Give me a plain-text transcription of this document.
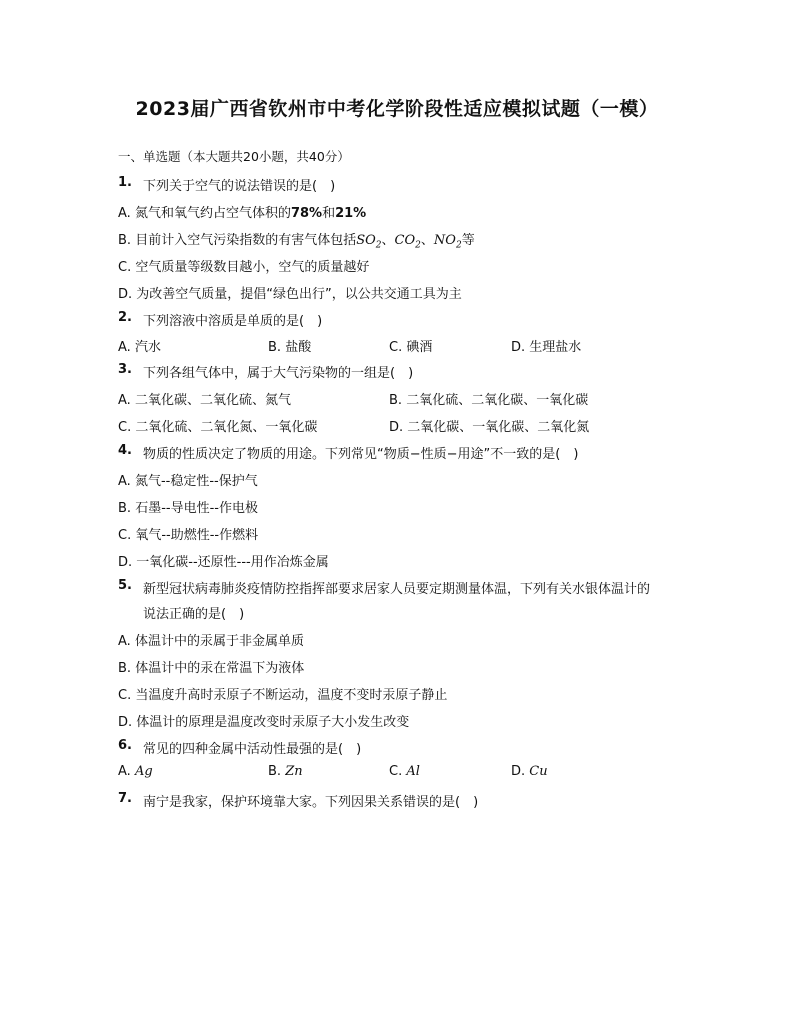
2023届广西省钦州市中考化学阶段性适应模拟试题（一模）
一、单选题（本大题共20小题，共40分）
1. 下列关于空气的说法错误的是(　)
A. 氮气和氧气约占空气体积的78%和21%
B. 目前计入空气污染指数的有害气体包括$SO_2$、$CO_2$、$NO_2$等
C. 空气质量等级数目越小，空气的质量越好
D. 为改善空气质量，提倡“绿色出行”，以公共交通工具为主
2. 下列溶液中溶质是单质的是(　)
A. 汽水	B. 盐酸	C. 碘酒	D. 生理盐水
3. 下列各组气体中，属于大气污染物的一组是(　)
A. 二氧化碳、二氧化硫、氮气	B. 二氧化硫、二氧化碳、一氧化碳
C. 二氧化硫、二氧化氮、一氧化碳	D. 二氧化碳、一氧化碳、二氧化氮
4. 物质的性质决定了物质的用途。下列常见“物质−性质−用途”不一致的是(　)
A. 氮气--稳定性--保护气
B. 石墨--导电性--作电极
C. 氧气--助燃性--作燃料
D. 一氧化碳--还原性---用作冶炼金属
5. 新型冠状病毒肺炎疫情防控指挥部要求居家人员要定期测量体温，下列有关水银体温计的
说法正确的是(　)
A. 体温计中的汞属于非金属单质
B. 体温计中的汞在常温下为液体
C. 当温度升高时汞原子不断运动，温度不变时汞原子静止
D. 体温计的原理是温度改变时汞原子大小发生改变
6. 常见的四种金属中活动性最强的是(　)
A. Ag	B. Zn	C. Al	D. Cu
7. 南宁是我家，保护环境靠大家。下列因果关系错误的是(　)
